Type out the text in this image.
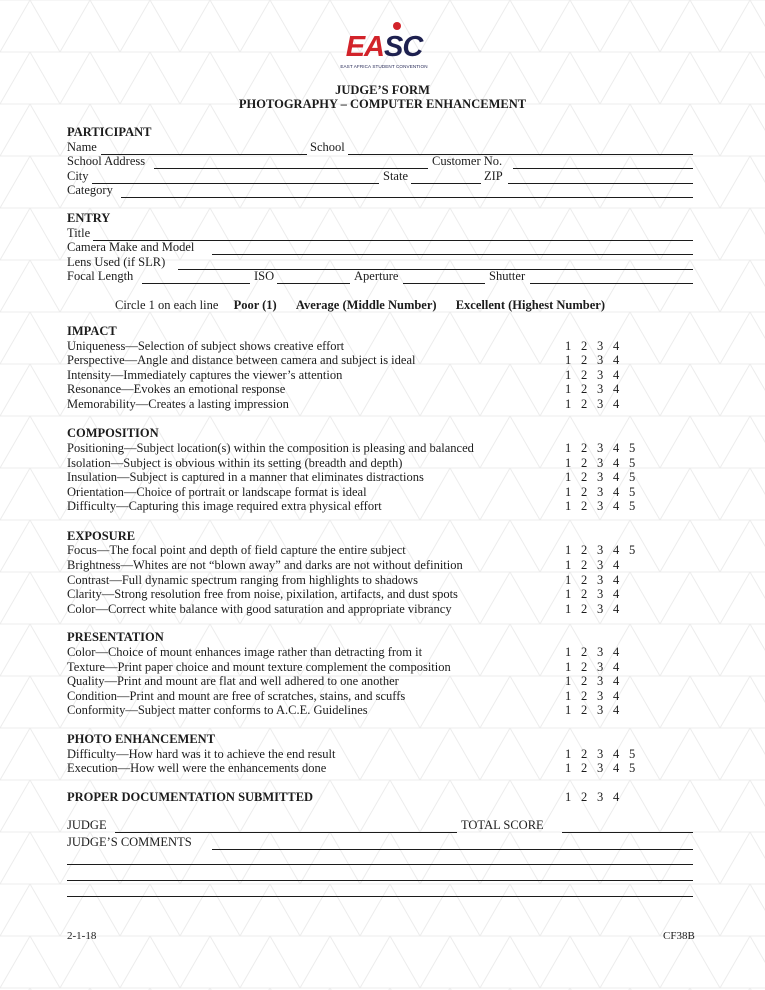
EASC
EAST AFRICA STUDENT CONVENTION
JUDGE’S FORM
PHOTOGRAPHY – COMPUTER ENHANCEMENT
PARTICIPANT
Name	School
School Address	Customer No.
City	State	ZIP
Category
ENTRY
Title
Camera Make and Model
Lens Used (if SLR)
Focal Length	ISO	Aperture	Shutter
Circle 1 on each line Poor (1) Average (Middle Number) Excellent (Highest Number)
IMPACT
Uniqueness—Selection of subject shows creative effort	1 2 3 4
Perspective—Angle and distance between camera and subject is ideal	1 2 3 4
Intensity—Immediately captures the viewer’s attention	1 2 3 4
Resonance—Evokes an emotional response	1 2 3 4
Memorability—Creates a lasting impression	1 2 3 4
COMPOSITION
Positioning—Subject location(s) within the composition is pleasing and balanced	1 2 3 4 5
Isolation—Subject is obvious within its setting (breadth and depth)	1 2 3 4 5
Insulation—Subject is captured in a manner that eliminates distractions	1 2 3 4 5
Orientation—Choice of portrait or landscape format is ideal	1 2 3 4 5
Difficulty—Capturing this image required extra physical effort	1 2 3 4 5
EXPOSURE
Focus—The focal point and depth of field capture the entire subject	1 2 3 4 5
Brightness—Whites are not “blown away” and darks are not without definition	1 2 3 4
Contrast—Full dynamic spectrum ranging from highlights to shadows	1 2 3 4
Clarity—Strong resolution free from noise, pixilation, artifacts, and dust spots	1 2 3 4
Color—Correct white balance with good saturation and appropriate vibrancy	1 2 3 4
PRESENTATION
Color—Choice of mount enhances image rather than detracting from it	1 2 3 4
Texture—Print paper choice and mount texture complement the composition	1 2 3 4
Quality—Print and mount are flat and well adhered to one another	1 2 3 4
Condition—Print and mount are free of scratches, stains, and scuffs	1 2 3 4
Conformity—Subject matter conforms to A.C.E. Guidelines	1 2 3 4
PHOTO ENHANCEMENT
Difficulty—How hard was it to achieve the end result	1 2 3 4 5
Execution—How well were the enhancements done	1 2 3 4 5
PROPER DOCUMENTATION SUBMITTED	1 2 3 4
JUDGE	TOTAL SCORE
JUDGE’S COMMENTS
2-1-18	CF38B
